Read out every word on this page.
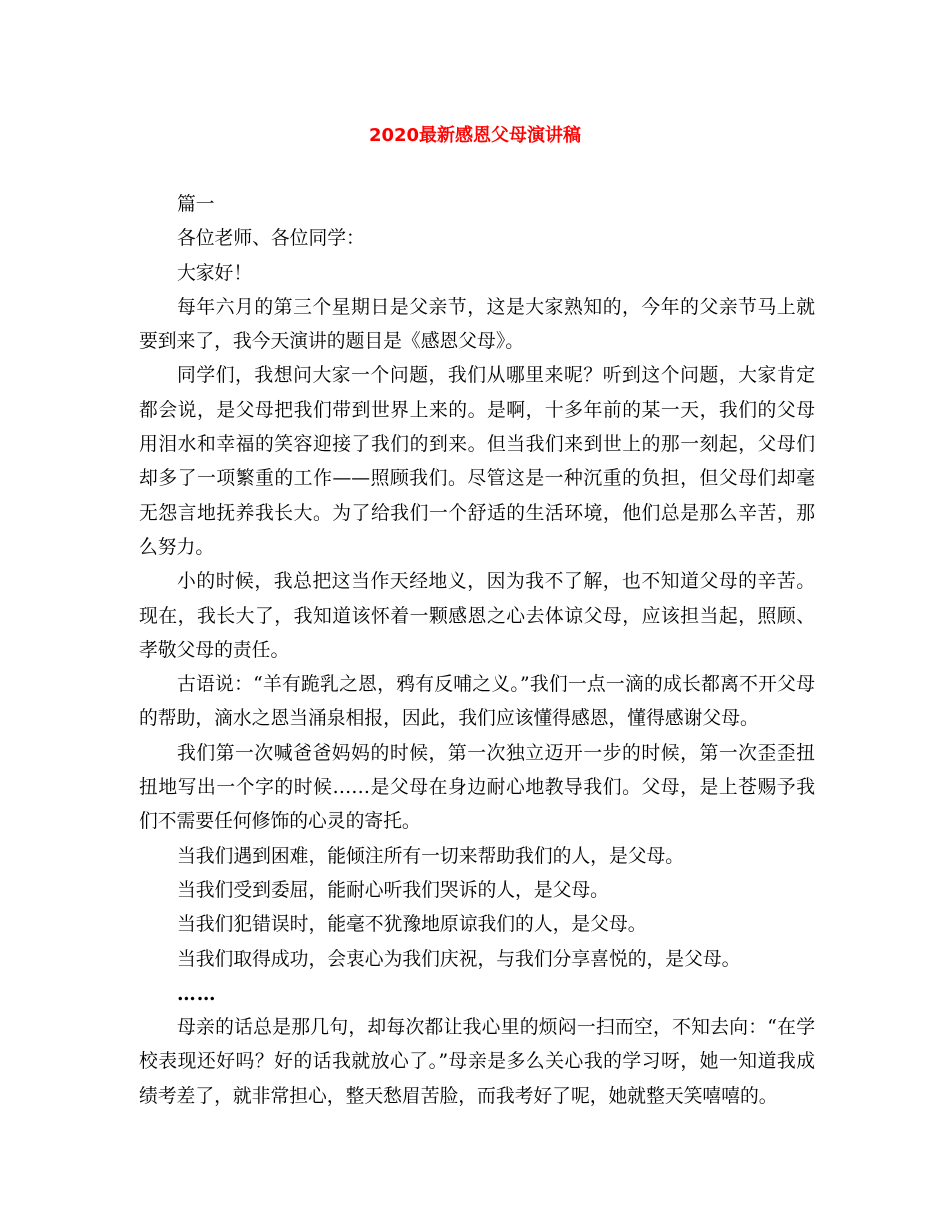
2020最新感恩父母演讲稿

篇一

各位老师、各位同学：

大家好！

每年六月的第三个星期日是父亲节，这是大家熟知的，今年的父亲节马上就要到来了，我今天演讲的题目是《感恩父母》。

同学们，我想问大家一个问题，我们从哪里来呢？听到这个问题，大家肯定都会说，是父母把我们带到世界上来的。是啊，十多年前的某一天，我们的父母用泪水和幸福的笑容迎接了我们的到来。但当我们来到世上的那一刻起，父母们却多了一项繁重的工作——照顾我们。尽管这是一种沉重的负担，但父母们却毫无怨言地抚养我长大。为了给我们一个舒适的生活环境，他们总是那么辛苦，那么努力。

小的时候，我总把这当作天经地义，因为我不了解，也不知道父母的辛苦。现在，我长大了，我知道该怀着一颗感恩之心去体谅父母，应该担当起，照顾、孝敬父母的责任。

古语说：“羊有跪乳之恩，鸦有反哺之义。”我们一点一滴的成长都离不开父母的帮助，滴水之恩当涌泉相报，因此，我们应该懂得感恩，懂得感谢父母。

我们第一次喊爸爸妈妈的时候，第一次独立迈开一步的时候，第一次歪歪扭扭地写出一个字的时候……是父母在身边耐心地教导我们。父母，是上苍赐予我们不需要任何修饰的心灵的寄托。

当我们遇到困难，能倾注所有一切来帮助我们的人，是父母。

当我们受到委屈，能耐心听我们哭诉的人，是父母。

当我们犯错误时，能毫不犹豫地原谅我们的人，是父母。

当我们取得成功，会衷心为我们庆祝，与我们分享喜悦的，是父母。

……

母亲的话总是那几句，却每次都让我心里的烦闷一扫而空，不知去向：“在学校表现还好吗？好的话我就放心了。”母亲是多么关心我的学习呀，她一知道我成绩考差了，就非常担心，整天愁眉苦脸，而我考好了呢，她就整天笑嘻嘻的。
